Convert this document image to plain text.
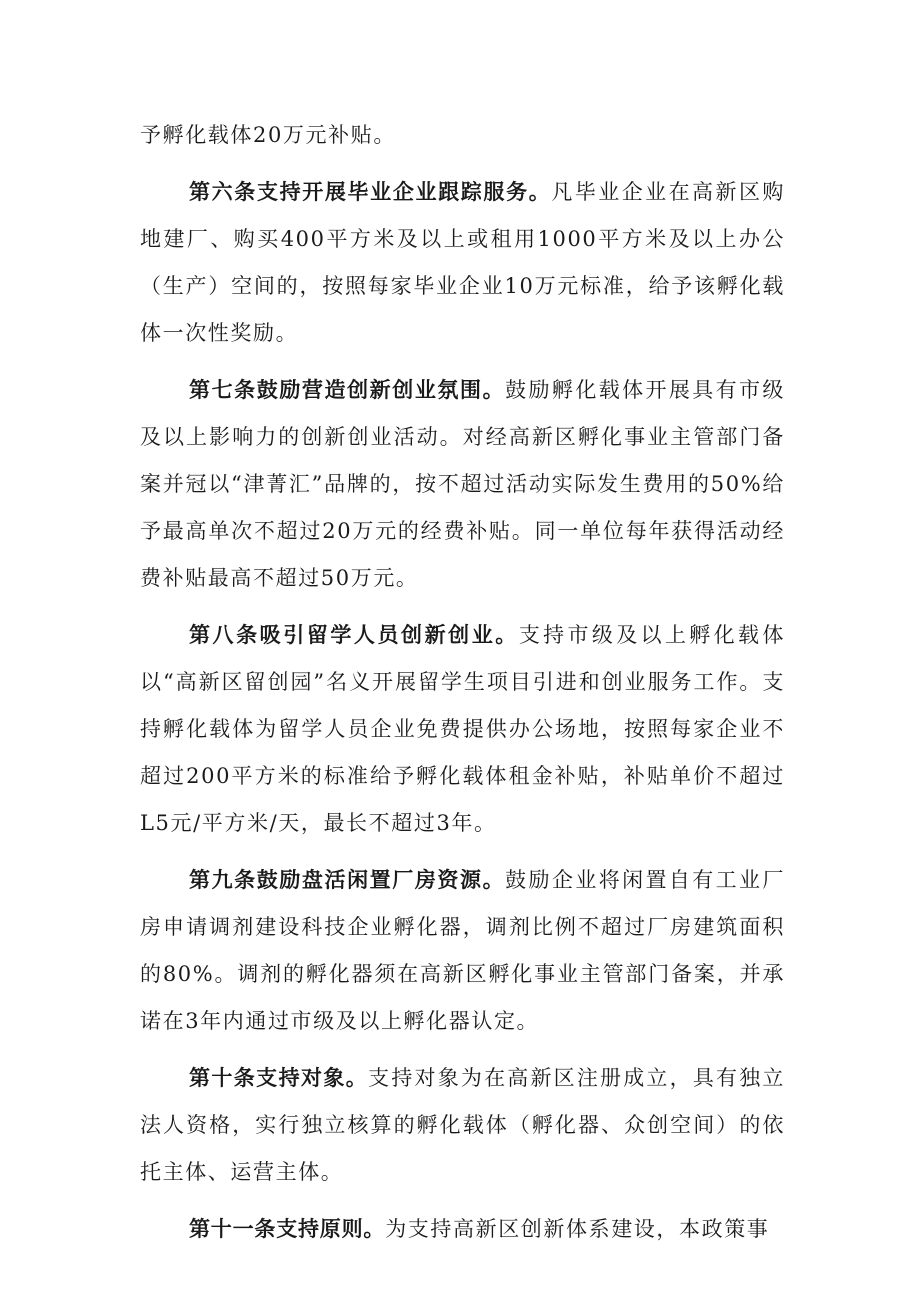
予孵化载体20万元补贴。

第六条支持开展毕业企业跟踪服务。凡毕业企业在高新区购地建厂、购买400平方米及以上或租用1000平方米及以上办公（生产）空间的，按照每家毕业企业10万元标准，给予该孵化载体一次性奖励。

第七条鼓励营造创新创业氛围。鼓励孵化载体开展具有市级及以上影响力的创新创业活动。对经高新区孵化事业主管部门备案并冠以“津菁汇”品牌的，按不超过活动实际发生费用的50%给予最高单次不超过20万元的经费补贴。同一单位每年获得活动经费补贴最高不超过50万元。

第八条吸引留学人员创新创业。支持市级及以上孵化载体以“高新区留创园”名义开展留学生项目引进和创业服务工作。支持孵化载体为留学人员企业免费提供办公场地，按照每家企业不超过200平方米的标准给予孵化载体租金补贴，补贴单价不超过L5元/平方米/天，最长不超过3年。

第九条鼓励盘活闲置厂房资源。鼓励企业将闲置自有工业厂房申请调剂建设科技企业孵化器，调剂比例不超过厂房建筑面积的80%。调剂的孵化器须在高新区孵化事业主管部门备案，并承诺在3年内通过市级及以上孵化器认定。

第十条支持对象。支持对象为在高新区注册成立，具有独立法人资格，实行独立核算的孵化载体（孵化器、众创空间）的依托主体、运营主体。

第十一条支持原则。为支持高新区创新体系建设，本政策事
